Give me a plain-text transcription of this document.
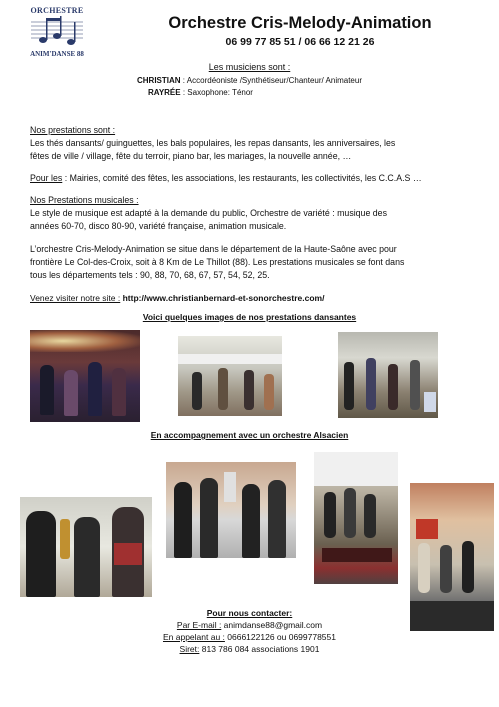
ORCHESTRE
ANIM'DANSE 88
Orchestre Cris-Melody-Animation
06 99 77 85 51 / 06 66 12 21 26
Les musiciens sont :
CHRISTIAN : Accordéoniste /Synthétiseur/Chanteur/ Animateur
RAYRÉE : Saxophone: Ténor
Nos prestations sont :
Les thés dansants/ guinguettes, les bals populaires, les repas dansants, les anniversaires, les
fêtes de ville / village, fête du terroir, piano bar, les mariages, la nouvelle année, …
Pour les : Mairies, comité des fêtes, les associations, les restaurants, les collectivités, les C.C.A.S …
Nos Prestations musicales :
Le style de musique est adapté à la demande du public, Orchestre de variété : musique des
années 60-70, disco 80-90, variété française, animation musicale.
L’orchestre Cris-Melody-Animation se situe dans le département de la Haute-Saône avec pour
frontière Le Col-des-Croix, soit à 8 Km de Le Thillot (88). Les prestations musicales se font dans
tous les départements tels : 90, 88, 70, 68, 67, 57, 54, 52, 25.
Venez visiter notre site : http://www.christianbernard-et-sonorchestre.com/
Voici quelques images de nos prestations dansantes
En accompagnement avec un orchestre Alsacien
Pour nous contacter:
Par E-mail : animdanse88@gmail.com
En appelant au : 0666122126 ou 0699778551
Siret: 813 786 084 associations 1901
